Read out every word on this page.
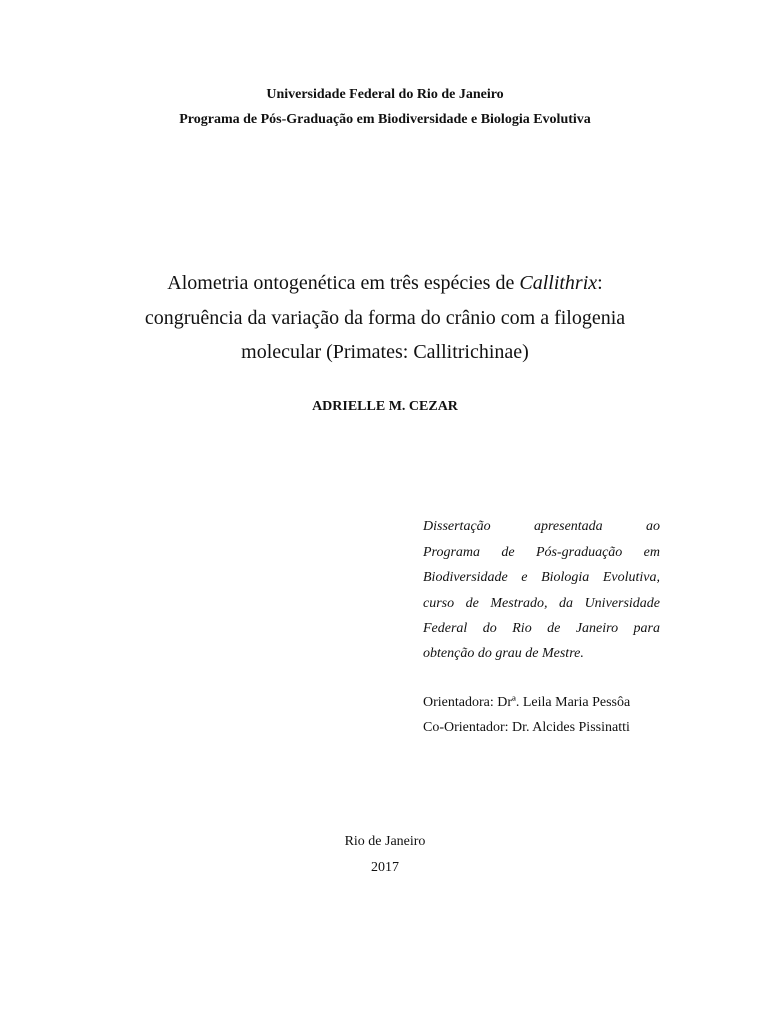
Universidade Federal do Rio de Janeiro
Programa de Pós-Graduação em Biodiversidade e Biologia Evolutiva
Alometria ontogenética em três espécies de Callithrix:
congruência da variação da forma do crânio com a filogenia
molecular (Primates: Callitrichinae)
ADRIELLE M. CEZAR
Dissertação apresentada ao
Programa de Pós-graduação em
Biodiversidade e Biologia Evolutiva,
curso de Mestrado, da Universidade
Federal do Rio de Janeiro para
obtenção do grau de Mestre.
Orientadora: Drª. Leila Maria Pessôa
Co-Orientador: Dr. Alcides Pissinatti
Rio de Janeiro
2017
